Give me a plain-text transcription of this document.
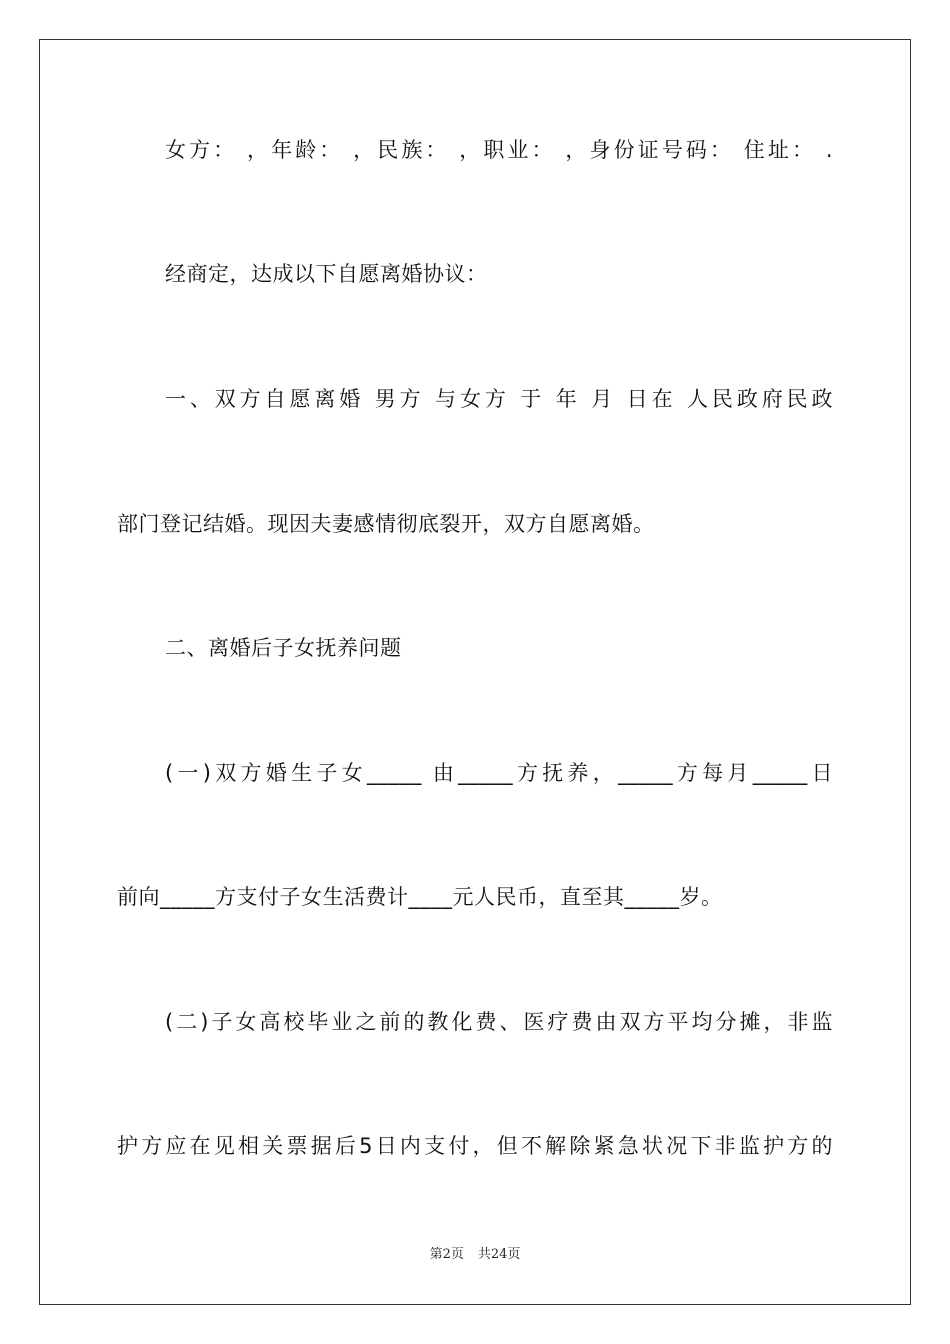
女方： ，年龄： ，民族： ，职业： ，身份证号码： 住址： .
经商定，达成以下自愿离婚协议：
一、双方自愿离婚 男方 与女方 于 年 月 日在 人民政府民政
部门登记结婚。现因夫妻感情彻底裂开，双方自愿离婚。
二、离婚后子女抚养问题
(一)双方婚生子女_____ 由_____方抚养，_____方每月_____日
前向_____方支付子女生活费计____元人民币，直至其_____岁。
(二)子女高校毕业之前的教化费、医疗费由双方平均分摊，非监
护方应在见相关票据后5日内支付，但不解除紧急状况下非监护方的
第2页 共24页
